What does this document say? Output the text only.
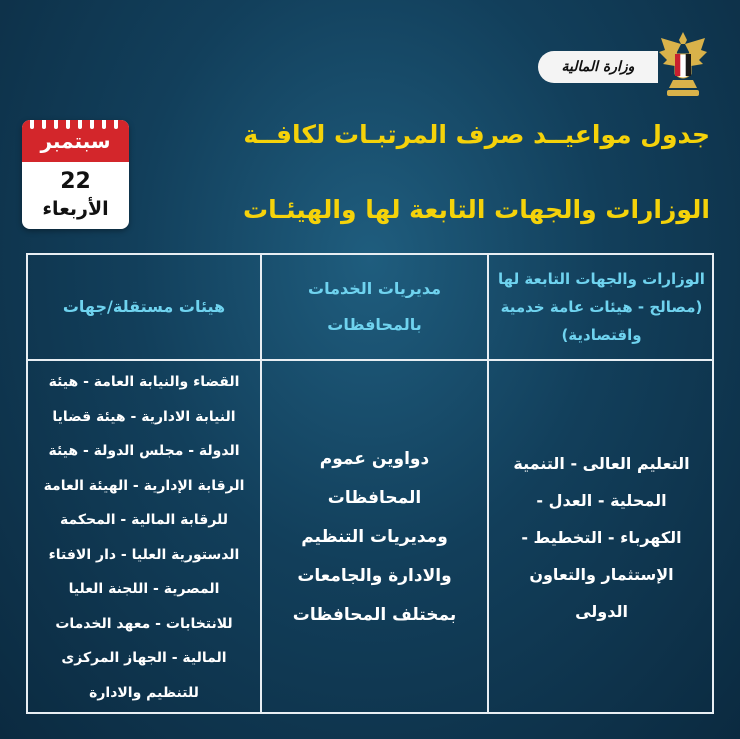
وزارة المالية
سبتمبر
22
الأربعاء
جدول مواعيــد صرف المرتبـات لكافــة
الوزارات والجهات التابعة لها والهيئـات
الوزارات والجهات التابعة لها (مصالح - هيئات عامة خدمية واقتصادية)
مديريات الخدمات بالمحافظات
هيئات مستقلة/جهات
التعليم العالى - التنمية المحلية - العدل - الكهرباء - التخطيط - الإستثمار والتعاون الدولى
دواوين عموم المحافظات ومديريات التنظيم والادارة والجامعات بمختلف المحافظات
القضاء والنيابة العامة - هيئة النيابة الادارية - هيئة قضايا الدولة - مجلس الدولة - هيئة الرقابة الإدارية - الهيئة العامة للرقابة المالية - المحكمة الدستورية العليا - دار الافتاء المصرية - اللجنة العليا للانتخابات - معهد الخدمات المالية - الجهاز المركزى للتنظيم والادارة
